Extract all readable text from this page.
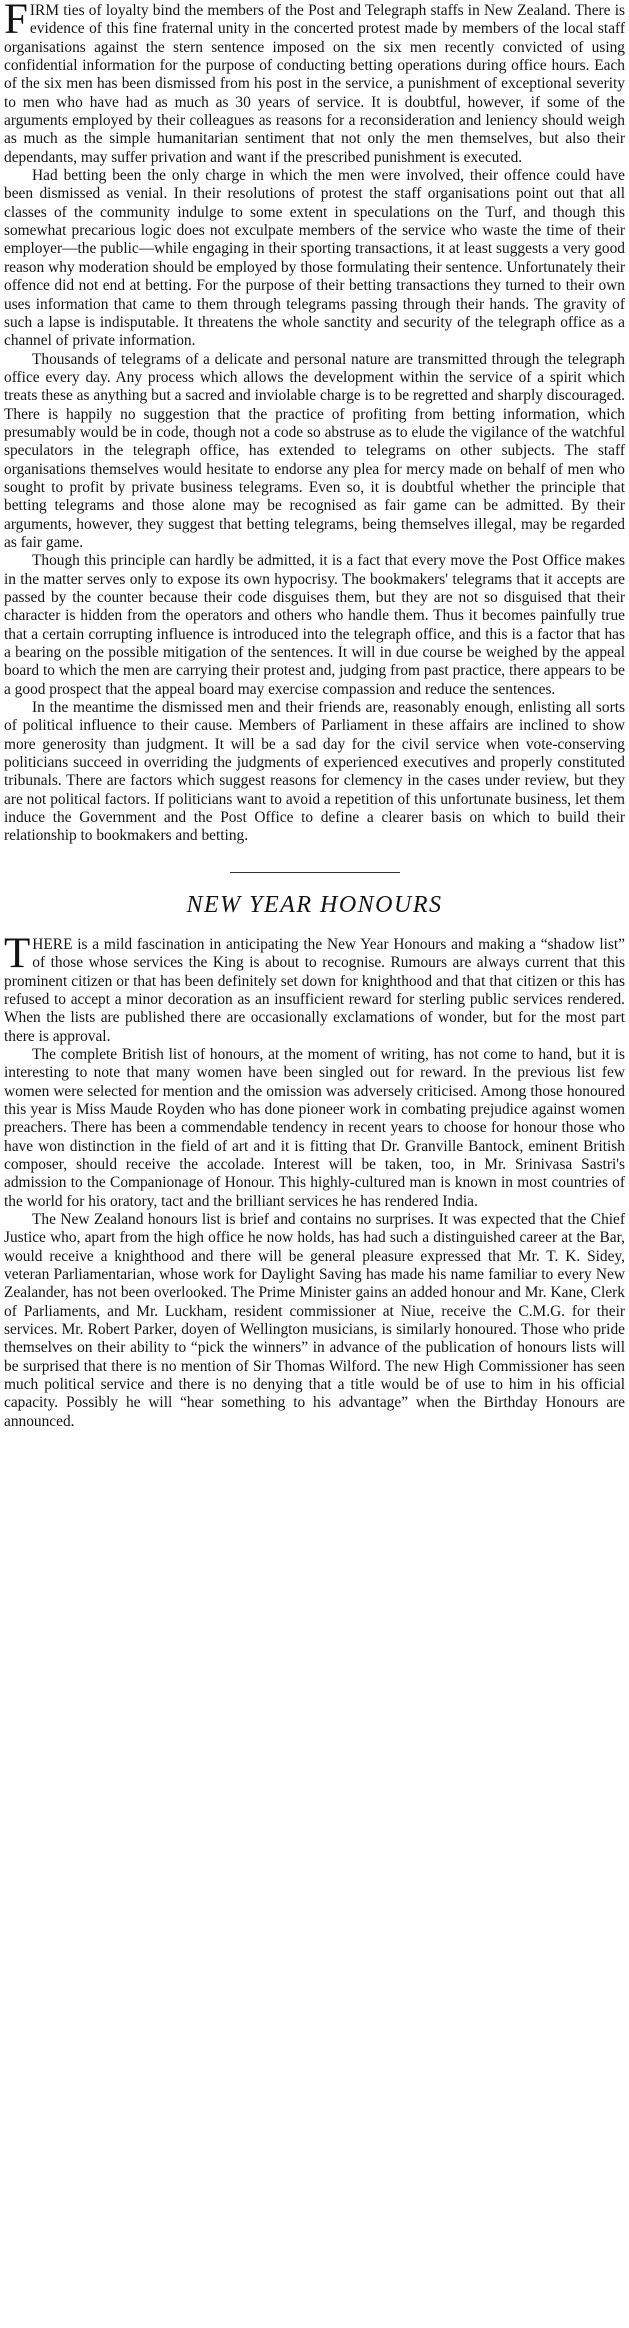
FIRM ties of loyalty bind the members of the Post and Telegraph staffs in New Zealand. There is evidence of this fine fraternal unity in the concerted protest made by members of the local staff organisations against the stern sentence imposed on the six men recently convicted of using confidential information for the purpose of conducting betting operations during office hours. Each of the six men has been dismissed from his post in the service, a punishment of exceptional severity to men who have had as much as 30 years of service. It is doubtful, however, if some of the arguments employed by their colleagues as reasons for a reconsideration and leniency should weigh as much as the simple humanitarian sentiment that not only the men themselves, but also their dependants, may suffer privation and want if the prescribed punishment is executed.

Had betting been the only charge in which the men were involved, their offence could have been dismissed as venial. In their resolutions of protest the staff organisations point out that all classes of the community indulge to some extent in speculations on the Turf, and though this somewhat precarious logic does not exculpate members of the service who waste the time of their employer—the public—while engaging in their sporting transactions, it at least suggests a very good reason why moderation should be employed by those formulating their sentence. Unfortunately their offence did not end at betting. For the purpose of their betting transactions they turned to their own uses information that came to them through telegrams passing through their hands. The gravity of such a lapse is indisputable. It threatens the whole sanctity and security of the telegraph office as a channel of private information.

Thousands of telegrams of a delicate and personal nature are transmitted through the telegraph office every day. Any process which allows the development within the service of a spirit which treats these as anything but a sacred and inviolable charge is to be regretted and sharply discouraged. There is happily no suggestion that the practice of profiting from betting information, which presumably would be in code, though not a code so abstruse as to elude the vigilance of the watchful speculators in the telegraph office, has extended to telegrams on other subjects. The staff organisations themselves would hesitate to endorse any plea for mercy made on behalf of men who sought to profit by private business telegrams. Even so, it is doubtful whether the principle that betting telegrams and those alone may be recognised as fair game can be admitted. By their arguments, however, they suggest that betting telegrams, being themselves illegal, may be regarded as fair game.

Though this principle can hardly be admitted, it is a fact that every move the Post Office makes in the matter serves only to expose its own hypocrisy. The bookmakers' telegrams that it accepts are passed by the counter because their code disguises them, but they are not so disguised that their character is hidden from the operators and others who handle them. Thus it becomes painfully true that a certain corrupting influence is introduced into the telegraph office, and this is a factor that has a bearing on the possible mitigation of the sentences. It will in due course be weighed by the appeal board to which the men are carrying their protest and, judging from past practice, there appears to be a good prospect that the appeal board may exercise compassion and reduce the sentences.

In the meantime the dismissed men and their friends are, reasonably enough, enlisting all sorts of political influence to their cause. Members of Parliament in these affairs are inclined to show more generosity than judgment. It will be a sad day for the civil service when vote-conserving politicians succeed in overriding the judgments of experienced executives and properly constituted tribunals. There are factors which suggest reasons for clemency in the cases under review, but they are not political factors. If politicians want to avoid a repetition of this unfortunate business, let them induce the Government and the Post Office to define a clearer basis on which to build their relationship to bookmakers and betting.

NEW YEAR HONOURS

THERE is a mild fascination in anticipating the New Year Honours and making a “shadow list” of those whose services the King is about to recognise. Rumours are always current that this prominent citizen or that has been definitely set down for knighthood and that that citizen or this has refused to accept a minor decoration as an insufficient reward for sterling public services rendered. When the lists are published there are occasionally exclamations of wonder, but for the most part there is approval.

The complete British list of honours, at the moment of writing, has not come to hand, but it is interesting to note that many women have been singled out for reward. In the previous list few women were selected for mention and the omission was adversely criticised. Among those honoured this year is Miss Maude Royden who has done pioneer work in combating prejudice against women preachers. There has been a commendable tendency in recent years to choose for honour those who have won distinction in the field of art and it is fitting that Dr. Granville Bantock, eminent British composer, should receive the accolade. Interest will be taken, too, in Mr. Srinivasa Sastri's admission to the Companionage of Honour. This highly-cultured man is known in most countries of the world for his oratory, tact and the brilliant services he has rendered India.

The New Zealand honours list is brief and contains no surprises. It was expected that the Chief Justice who, apart from the high office he now holds, has had such a distinguished career at the Bar, would receive a knighthood and there will be general pleasure expressed that Mr. T. K. Sidey, veteran Parliamentarian, whose work for Daylight Saving has made his name familiar to every New Zealander, has not been overlooked. The Prime Minister gains an added honour and Mr. Kane, Clerk of Parliaments, and Mr. Luckham, resident commissioner at Niue, receive the C.M.G. for their services. Mr. Robert Parker, doyen of Wellington musicians, is similarly honoured. Those who pride themselves on their ability to “pick the winners” in advance of the publication of honours lists will be surprised that there is no mention of Sir Thomas Wilford. The new High Commissioner has seen much political service and there is no denying that a title would be of use to him in his official capacity. Possibly he will “hear something to his advantage” when the Birthday Honours are announced.
